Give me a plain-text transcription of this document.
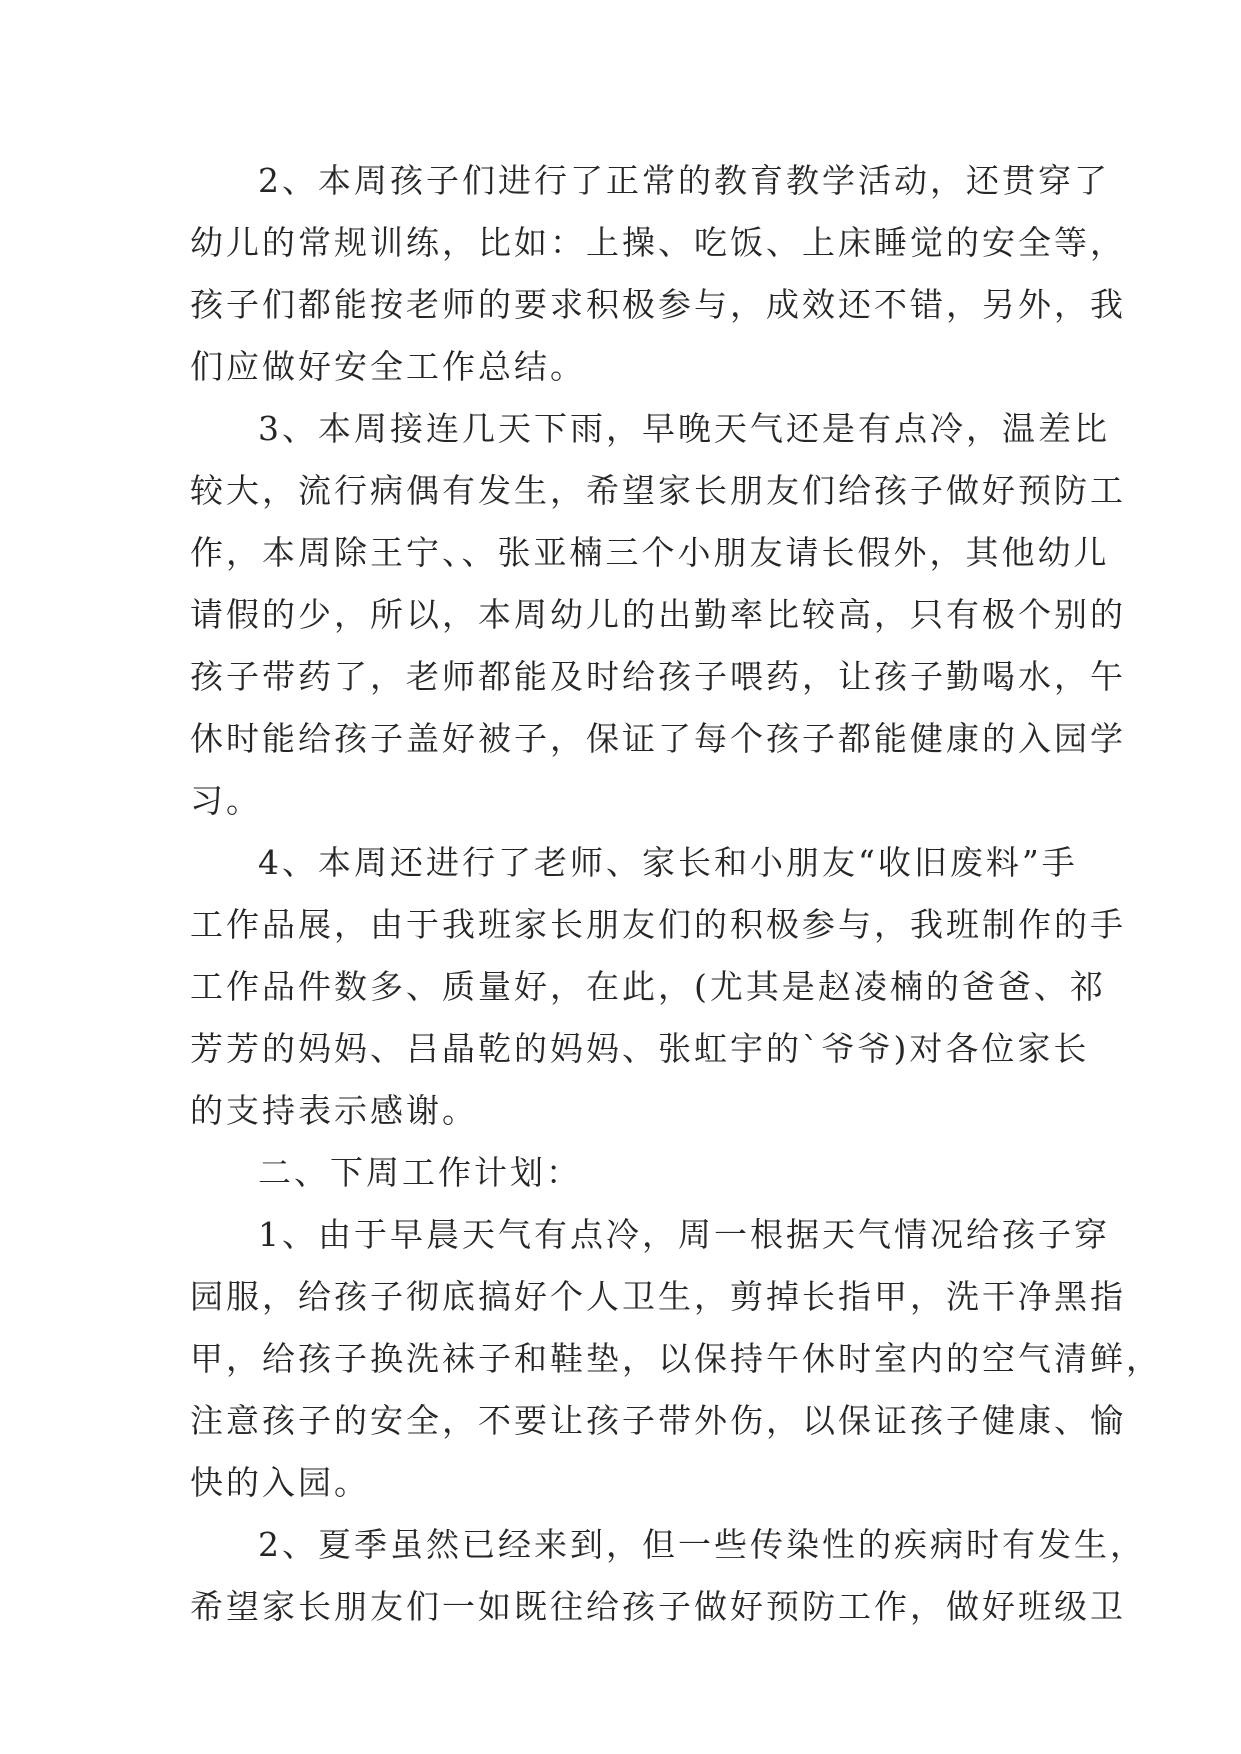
2、本周孩子们进行了正常的教育教学活动，还贯穿了
幼儿的常规训练，比如：上操、吃饭、上床睡觉的安全等，
孩子们都能按老师的要求积极参与，成效还不错，另外，我
们应做好安全工作总结。
3、本周接连几天下雨，早晚天气还是有点冷，温差比
较大，流行病偶有发生，希望家长朋友们给孩子做好预防工
作，本周除王宁、、张亚楠三个小朋友请长假外，其他幼儿
请假的少，所以，本周幼儿的出勤率比较高，只有极个别的
孩子带药了，老师都能及时给孩子喂药，让孩子勤喝水，午
休时能给孩子盖好被子，保证了每个孩子都能健康的入园学
习。
4、本周还进行了老师、家长和小朋友“收旧废料”手
工作品展，由于我班家长朋友们的积极参与，我班制作的手
工作品件数多、质量好，在此，(尤其是赵凌楠的爸爸、祁
芳芳的妈妈、吕晶乾的妈妈、张虹宇的`爷爷)对各位家长
的支持表示感谢。
二、下周工作计划：
1、由于早晨天气有点冷，周一根据天气情况给孩子穿
园服，给孩子彻底搞好个人卫生，剪掉长指甲，洗干净黑指
甲，给孩子换洗袜子和鞋垫，以保持午休时室内的空气清鲜，
注意孩子的安全，不要让孩子带外伤，以保证孩子健康、愉
快的入园。
2、夏季虽然已经来到，但一些传染性的疾病时有发生，
希望家长朋友们一如既往给孩子做好预防工作，做好班级卫
